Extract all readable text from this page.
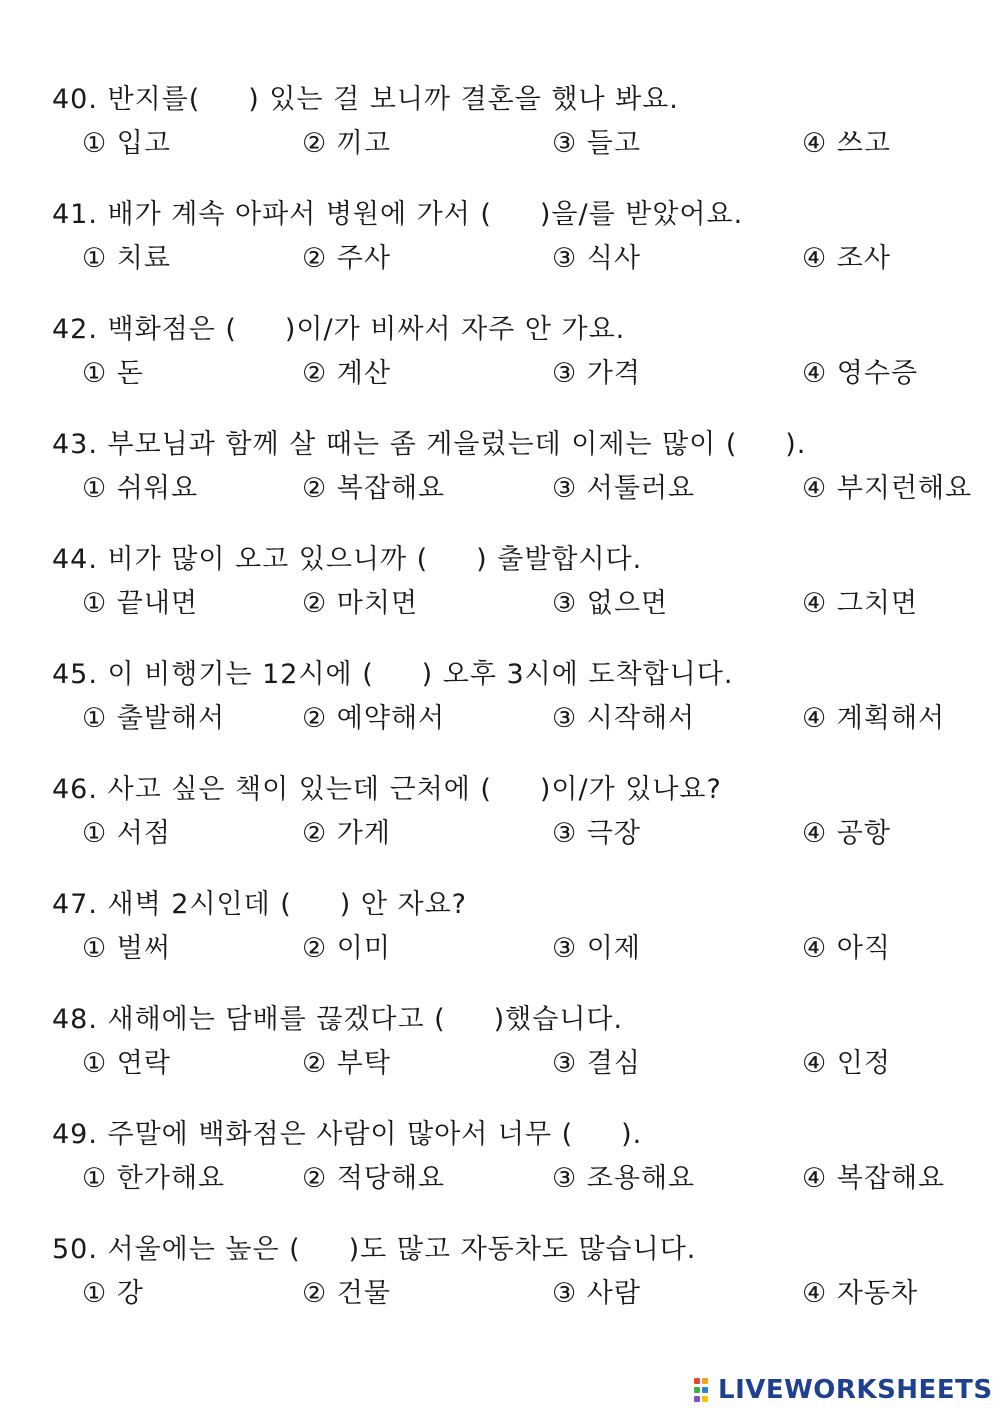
40. 반지를(     ) 있는 걸 보니까 결혼을 했나 봐요.
① 입고	② 끼고	③ 들고	④ 쓰고
41. 배가 계속 아파서 병원에 가서 (     )을/를 받았어요.
① 치료	② 주사	③ 식사	④ 조사
42. 백화점은 (     )이/가 비싸서 자주 안 가요.
① 돈	② 계산	③ 가격	④ 영수증
43. 부모님과 함께 살 때는 좀 게을렀는데 이제는 많이 (     ).
① 쉬워요	② 복잡해요	③ 서툴러요	④ 부지런해요
44. 비가 많이 오고 있으니까 (     ) 출발합시다.
① 끝내면	② 마치면	③ 없으면	④ 그치면
45. 이 비행기는 12시에 (     ) 오후 3시에 도착합니다.
① 출발해서	② 예약해서	③ 시작해서	④ 계획해서
46. 사고 싶은 책이 있는데 근처에 (     )이/가 있나요?
① 서점	② 가게	③ 극장	④ 공항
47. 새벽 2시인데 (     ) 안 자요?
① 벌써	② 이미	③ 이제	④ 아직
48. 새해에는 담배를 끊겠다고 (     )했습니다.
① 연락	② 부탁	③ 결심	④ 인정
49. 주말에 백화점은 사람이 많아서 너무 (     ).
① 한가해요	② 적당해요	③ 조용해요	④ 복잡해요
50. 서울에는 높은 (     )도 많고 자동차도 많습니다.
① 강	② 건물	③ 사람	④ 자동차
LIVEWORKSHEETS
